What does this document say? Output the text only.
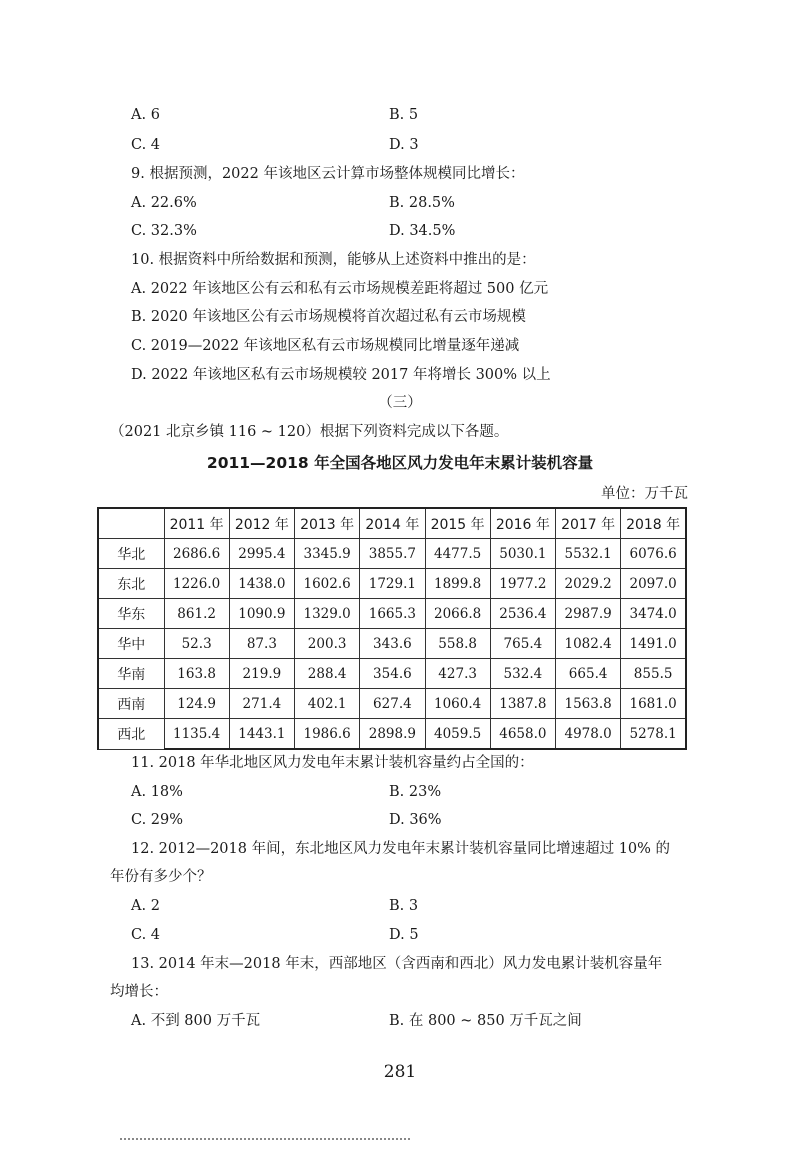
A. 6	B. 5
C. 4	D. 3
9. 根据预测，2022 年该地区云计算市场整体规模同比增长：
A. 22.6%	B. 28.5%
C. 32.3%	D. 34.5%
10. 根据资料中所给数据和预测，能够从上述资料中推出的是：
A. 2022 年该地区公有云和私有云市场规模差距将超过 500 亿元
B. 2020 年该地区公有云市场规模将首次超过私有云市场规模
C. 2019—2022 年该地区私有云市场规模同比增量逐年递减
D. 2022 年该地区私有云市场规模较 2017 年将增长 300% 以上
（三）
（2021 北京乡镇 116 ~ 120）根据下列资料完成以下各题。
2011—2018 年全国各地区风力发电年末累计装机容量
单位：万千瓦
	2011 年	2012 年	2013 年	2014 年	2015 年	2016 年	2017 年	2018 年
华北	2686.6	2995.4	3345.9	3855.7	4477.5	5030.1	5532.1	6076.6
东北	1226.0	1438.0	1602.6	1729.1	1899.8	1977.2	2029.2	2097.0
华东	861.2	1090.9	1329.0	1665.3	2066.8	2536.4	2987.9	3474.0
华中	52.3	87.3	200.3	343.6	558.8	765.4	1082.4	1491.0
华南	163.8	219.9	288.4	354.6	427.3	532.4	665.4	855.5
西南	124.9	271.4	402.1	627.4	1060.4	1387.8	1563.8	1681.0
西北	1135.4	1443.1	1986.6	2898.9	4059.5	4658.0	4978.0	5278.1
11. 2018 年华北地区风力发电年末累计装机容量约占全国的：
A. 18%	B. 23%
C. 29%	D. 36%
12. 2012—2018 年间，东北地区风力发电年末累计装机容量同比增速超过 10% 的
年份有多少个？
A. 2	B. 3
C. 4	D. 5
13. 2014 年末—2018 年末，西部地区（含西南和西北）风力发电累计装机容量年
均增长：
A. 不到 800 万千瓦	B. 在 800 ~ 850 万千瓦之间
281
